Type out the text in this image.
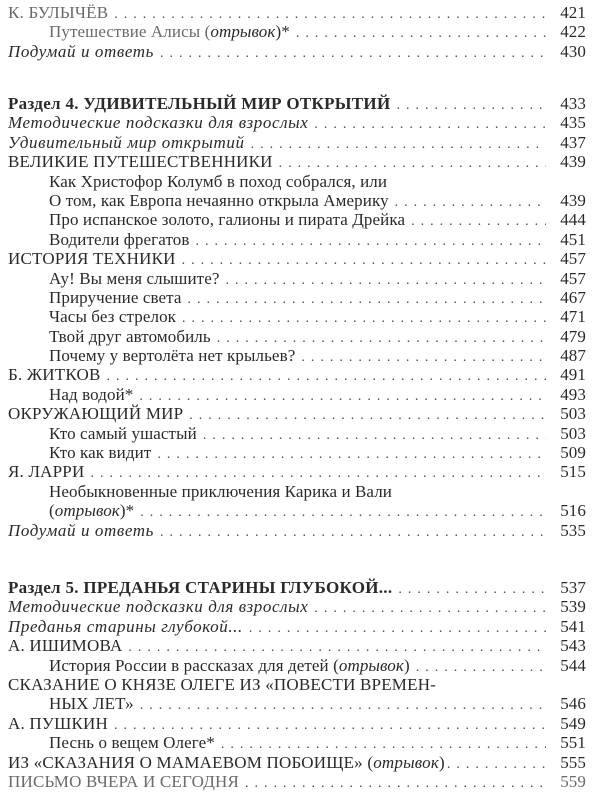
К. БУЛЫЧЁВ . . .	421
Путешествие Алисы (отрывок)* . . .	422
Подумай и ответь . . .	430
Раздел 4. УДИВИТЕЛЬНЫЙ МИР ОТКРЫТИЙ . . .	433
Методические подсказки для взрослых . . .	435
Удивительный мир открытий . . .	437
ВЕЛИКИЕ ПУТЕШЕСТВЕННИКИ . . .	439
Как Христофор Колумб в поход собрался, или
О том, как Европа нечаянно открыла Америку . . .	439
Про испанское золото, галионы и пирата Дрейка . . .	444
Водители фрегатов . . .	451
ИСТОРИЯ ТЕХНИКИ . . .	457
Ау! Вы меня слышите? . . .	457
Приручение света . . .	467
Часы без стрелок . . .	471
Твой друг автомобиль . . .	479
Почему у вертолёта нет крыльев? . . .	487
Б. ЖИТКОВ . . .	491
Над водой* . . .	493
ОКРУЖАЮЩИЙ МИР . . .	503
Кто самый ушастый . . .	503
Кто как видит . . .	509
Я. ЛАРРИ . . .	515
Необыкновенные приключения Карика и Вали
(отрывок)* . . .	516
Подумай и ответь . . .	535
Раздел 5. ПРЕДАНЬЯ СТАРИНЫ ГЛУБОКОЙ... . . .	537
Методические подсказки для взрослых . . .	539
Преданья старины глубокой... . . .	541
А. ИШИМОВА . . .	543
История России в рассказах для детей (отрывок) . . .	544
СКАЗАНИЕ О КНЯЗЕ ОЛЕГЕ ИЗ «ПОВЕСТИ ВРЕМЕН-
НЫХ ЛЕТ» . . .	546
А. ПУШКИН . . .	549
Песнь о вещем Олеге* . . .	551
ИЗ «СКАЗАНИЯ О МАМАЕВОМ ПОБОИЩЕ» (отрывок) . . .	555
ПИСЬМО ВЧЕРА И СЕГОДНЯ . . .	559
